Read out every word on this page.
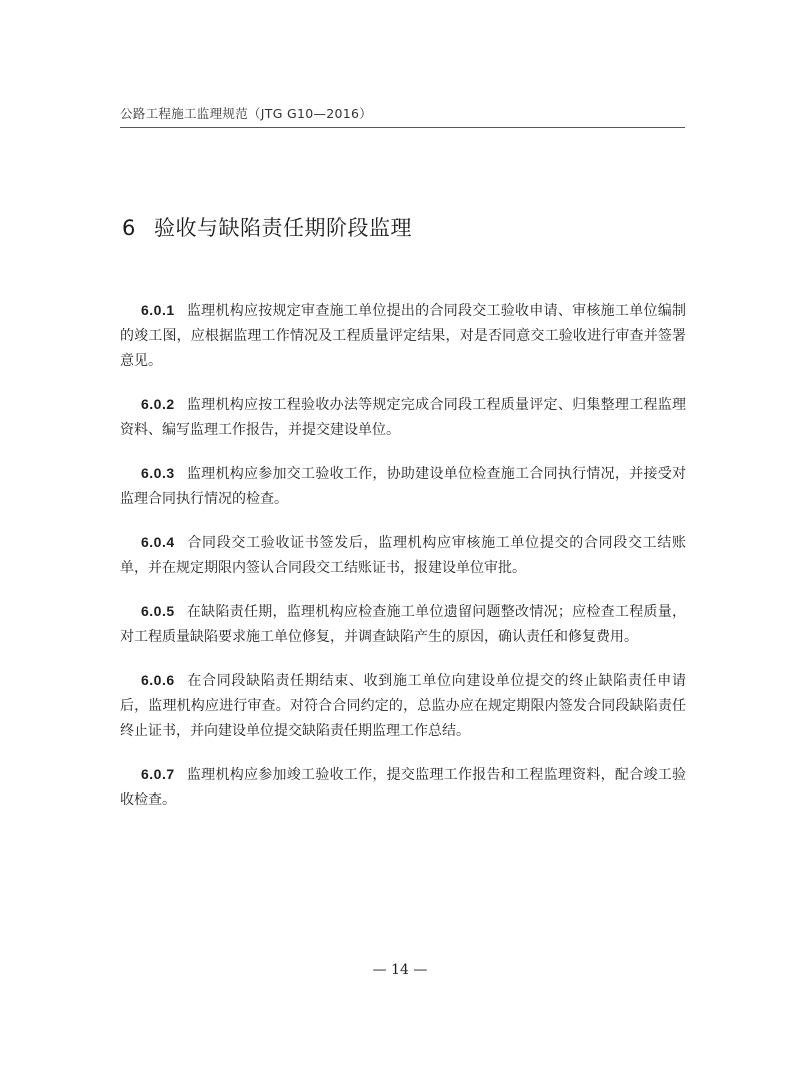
公路工程施工监理规范（JTG G10—2016）
6 验收与缺陷责任期阶段监理

6.0.1 监理机构应按规定审查施工单位提出的合同段交工验收申请、审核施工单位编制的竣工图，应根据监理工作情况及工程质量评定结果，对是否同意交工验收进行审查并签署意见。

6.0.2 监理机构应按工程验收办法等规定完成合同段工程质量评定、归集整理工程监理资料、编写监理工作报告，并提交建设单位。

6.0.3 监理机构应参加交工验收工作，协助建设单位检查施工合同执行情况，并接受对监理合同执行情况的检查。

6.0.4 合同段交工验收证书签发后，监理机构应审核施工单位提交的合同段交工结账单，并在规定期限内签认合同段交工结账证书，报建设单位审批。

6.0.5 在缺陷责任期，监理机构应检查施工单位遗留问题整改情况；应检查工程质量，对工程质量缺陷要求施工单位修复，并调查缺陷产生的原因，确认责任和修复费用。

6.0.6 在合同段缺陷责任期结束、收到施工单位向建设单位提交的终止缺陷责任申请后，监理机构应进行审查。对符合合同约定的，总监办应在规定期限内签发合同段缺陷责任终止证书，并向建设单位提交缺陷责任期监理工作总结。

6.0.7 监理机构应参加竣工验收工作，提交监理工作报告和工程监理资料，配合竣工验收检查。

— 14 —
